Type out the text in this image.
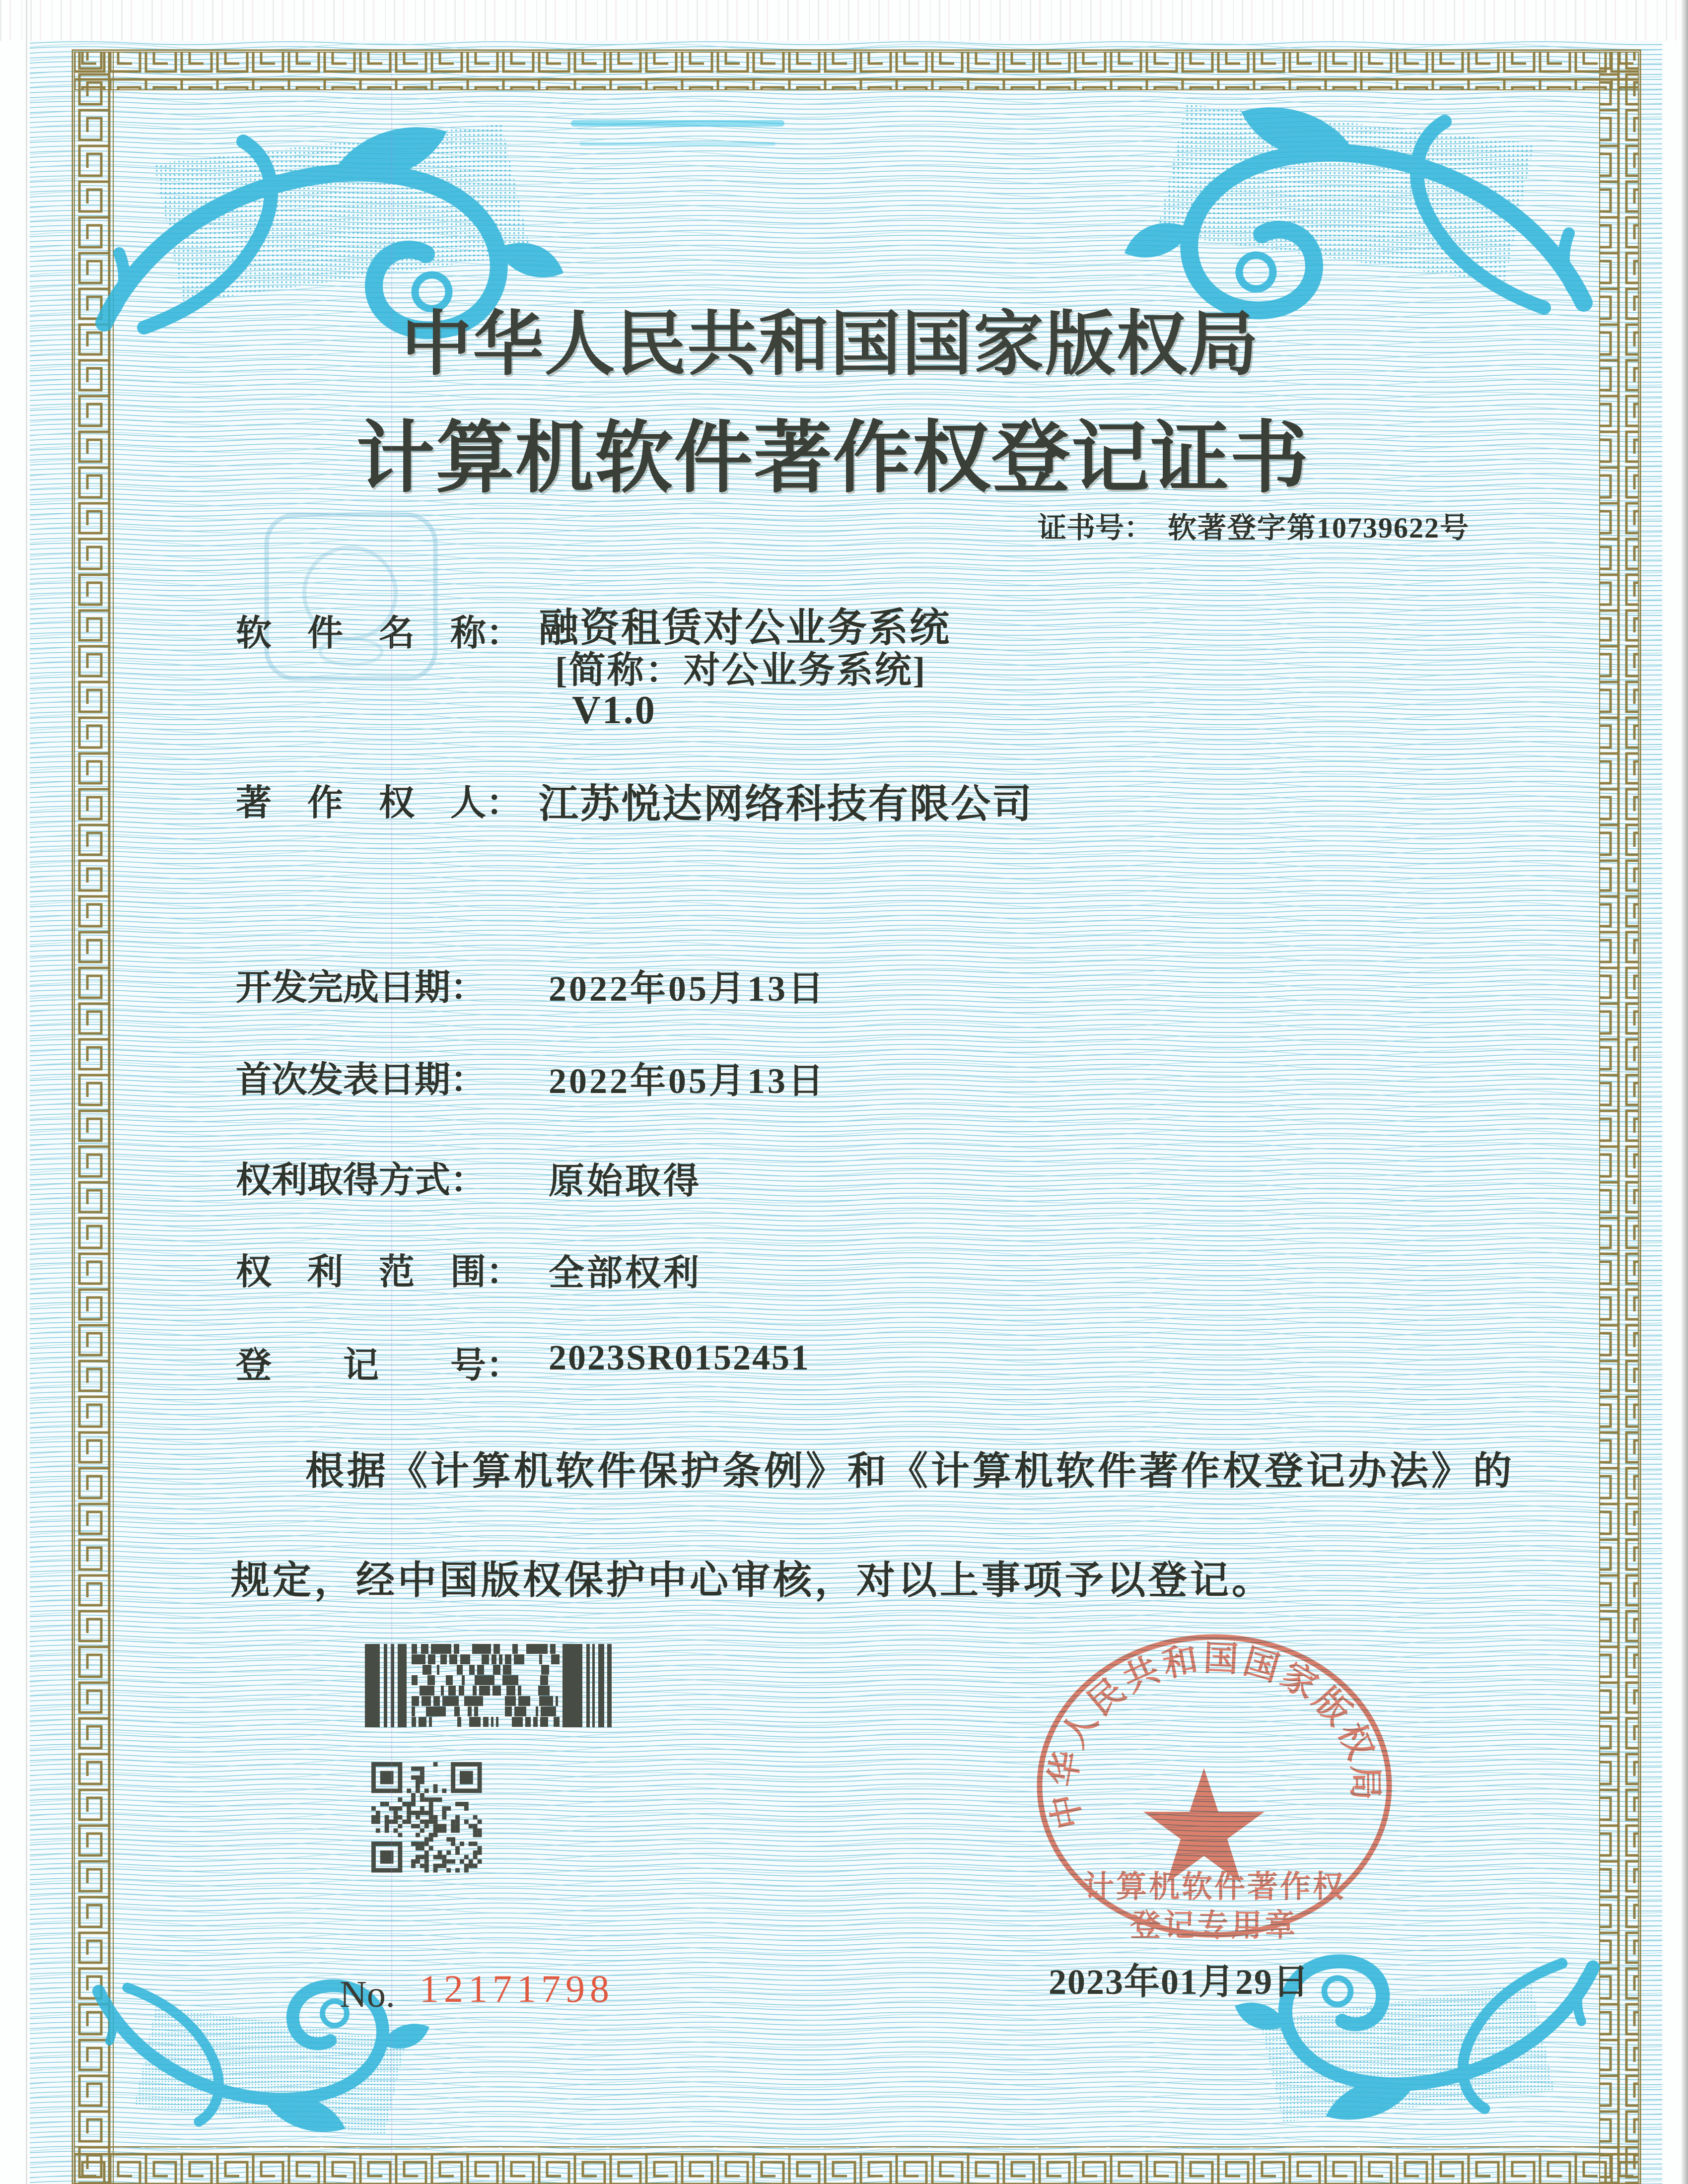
中华人民共和国国家版权局
计算机软件著作权登记证书
证书号： 软著登字第10739622号
软　件　名　称： 融资租赁对公业务系统
[简称：对公业务系统]
V1.0
著　作　权　人： 江苏悦达网络科技有限公司
开发完成日期： 2022年05月13日
首次发表日期： 2022年05月13日
权利取得方式： 原始取得
权　利　范　围： 全部权利
登　　记　　号： 2023SR0152451
根据《计算机软件保护条例》和《计算机软件著作权登记办法》的
规定，经中国版权保护中心审核，对以上事项予以登记。
中华人民共和国国家版权局
计算机软件著作权
登记专用章
No. 12171798	2023年01月29日
